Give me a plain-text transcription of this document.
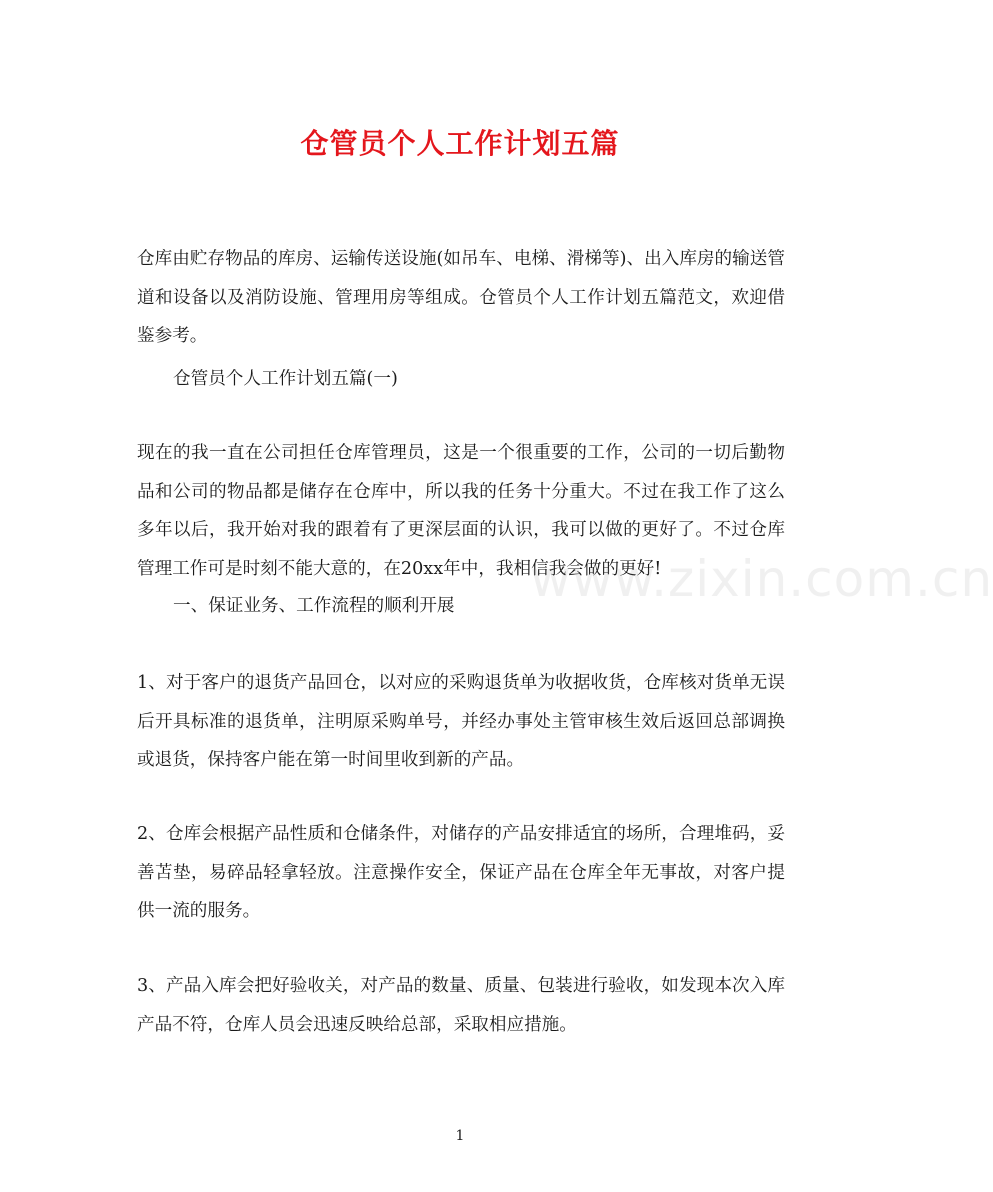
仓管员个人工作计划五篇

仓库由贮存物品的库房、运输传送设施(如吊车、电梯、滑梯等)、出入库房的输送管道和设备以及消防设施、管理用房等组成。仓管员个人工作计划五篇范文，欢迎借鉴参考。

仓管员个人工作计划五篇(一)

现在的我一直在公司担任仓库管理员，这是一个很重要的工作，公司的一切后勤物品和公司的物品都是储存在仓库中，所以我的任务十分重大。不过在我工作了这么多年以后，我开始对我的跟着有了更深层面的认识，我可以做的更好了。不过仓库管理工作可是时刻不能大意的，在20xx年中，我相信我会做的更好!

一、保证业务、工作流程的顺利开展

1、对于客户的退货产品回仓，以对应的采购退货单为收据收货，仓库核对货单无误后开具标准的退货单，注明原采购单号，并经办事处主管审核生效后返回总部调换或退货，保持客户能在第一时间里收到新的产品。

2、仓库会根据产品性质和仓储条件，对储存的产品安排适宜的场所，合理堆码，妥善苫垫，易碎品轻拿轻放。注意操作安全，保证产品在仓库全年无事故，对客户提供一流的服务。

3、产品入库会把好验收关，对产品的数量、质量、包装进行验收，如发现本次入库产品不符，仓库人员会迅速反映给总部，采取相应措施。

www.zixin.com.cn
1
